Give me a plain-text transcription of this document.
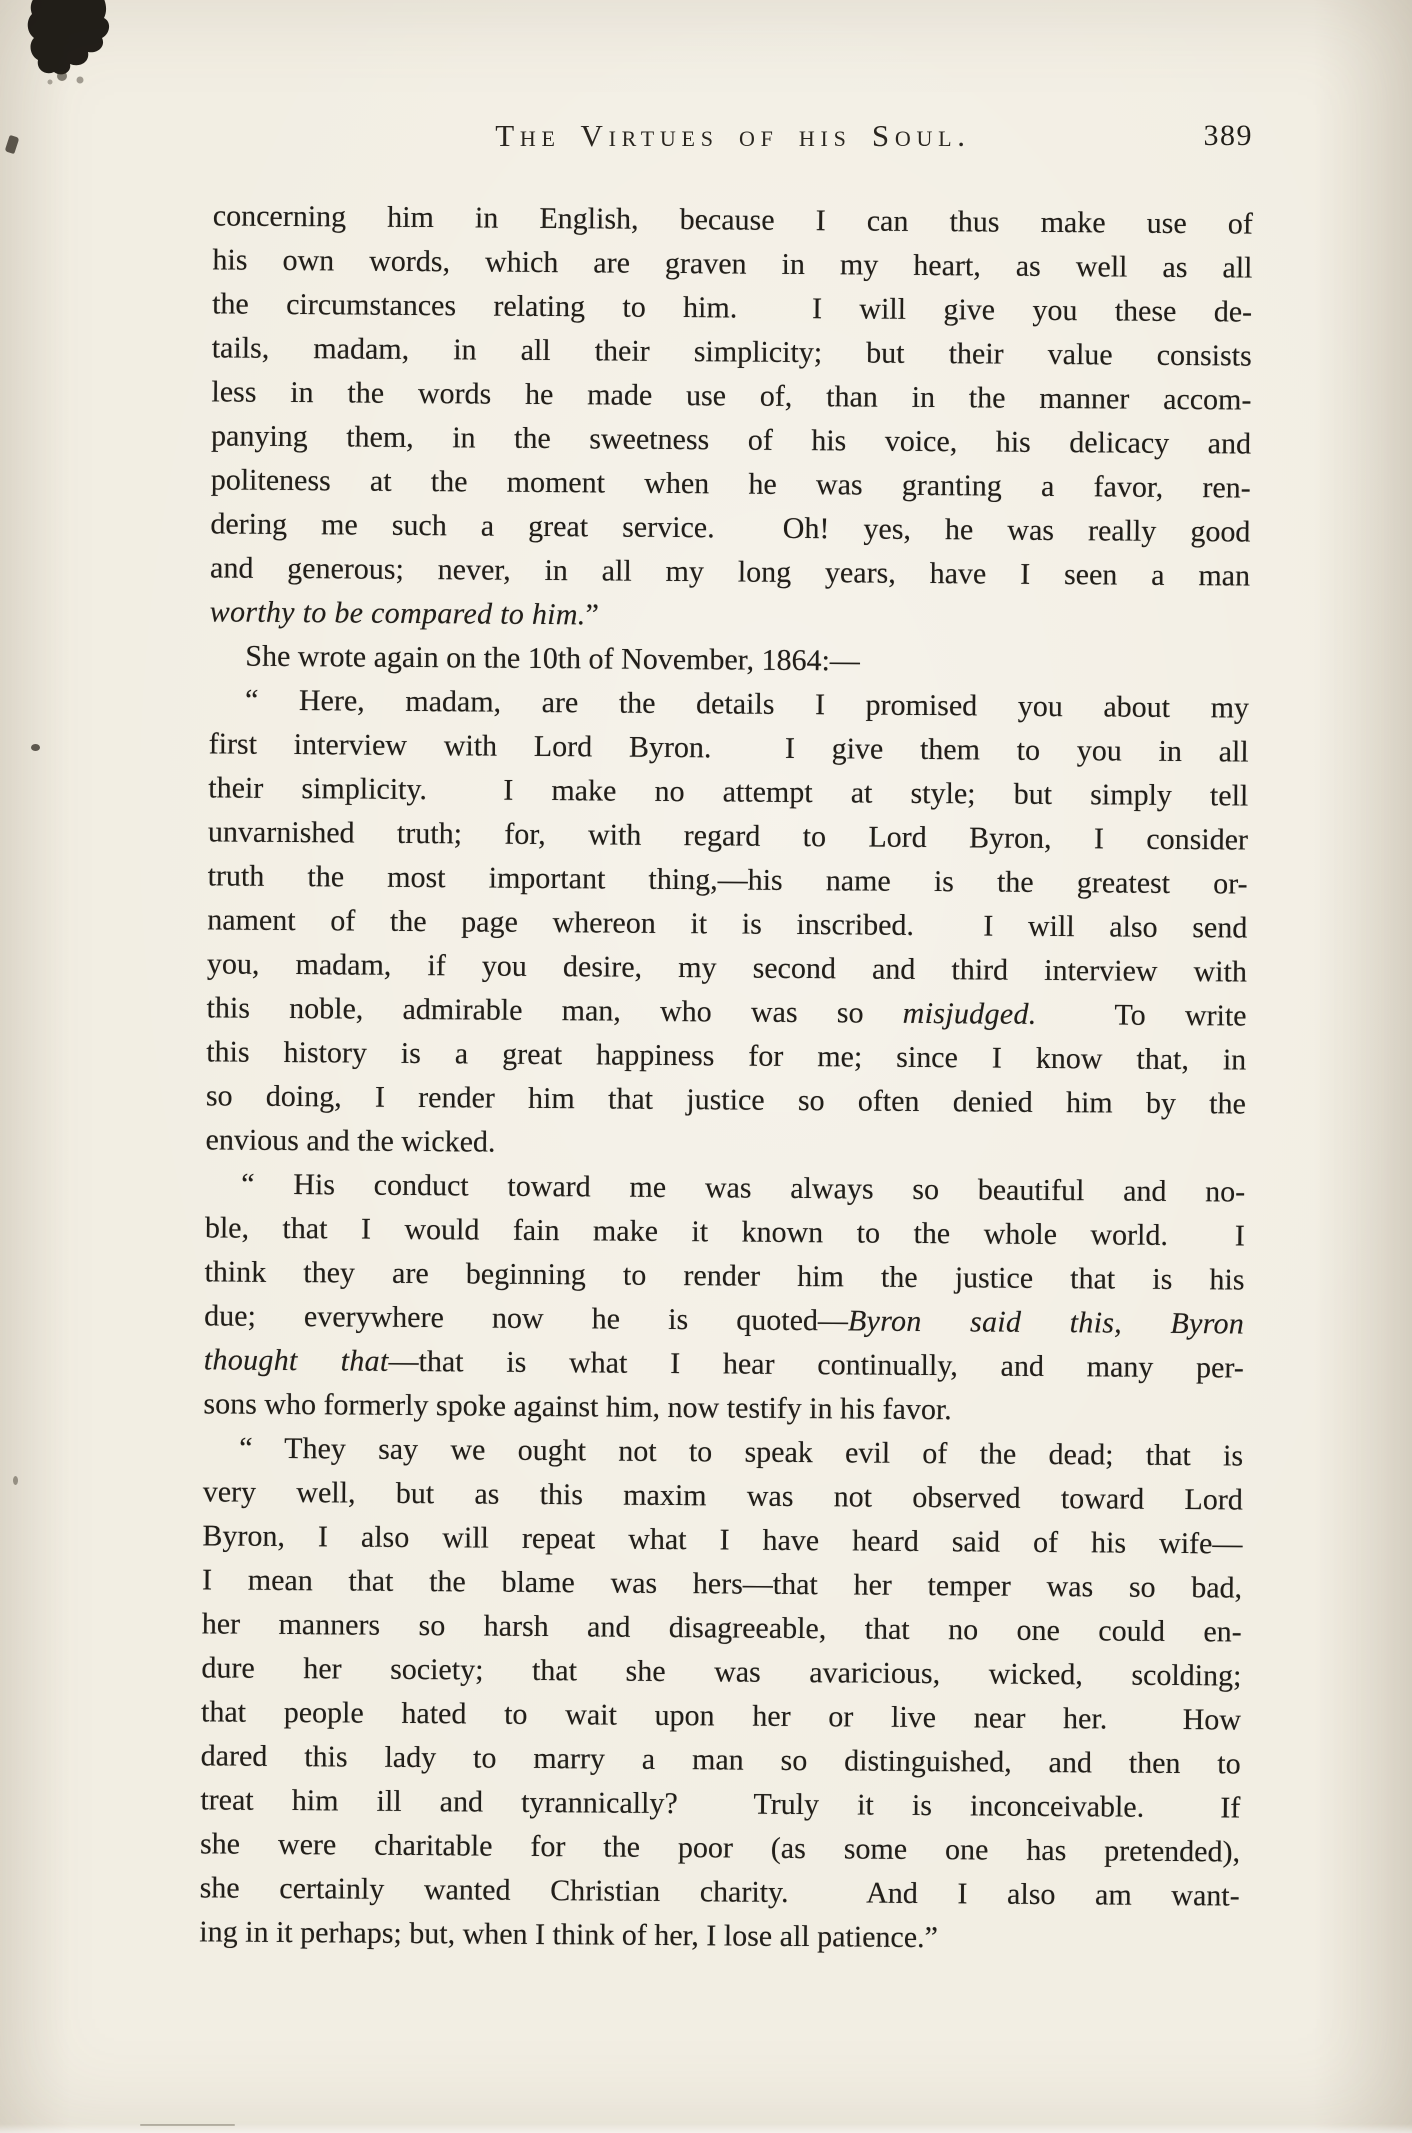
The Virtues of his Soul.	389
concerning him in English, because I can thus make use of
his own words, which are graven in my heart, as well as all
the circumstances relating to him.  I will give you these de-
tails, madam, in all their simplicity; but their value consists
less in the words he made use of, than in the manner accom-
panying them, in the sweetness of his voice, his delicacy and
politeness at the moment when he was granting a favor, ren-
dering me such a great service.  Oh! yes, he was really good
and generous; never, in all my long years, have I seen a man
worthy to be compared to him.”
She wrote again on the 10th of November, 1864:—
“ Here, madam, are the details I promised you about my
first interview with Lord Byron.  I give them to you in all
their simplicity.  I make no attempt at style; but simply tell
unvarnished truth; for, with regard to Lord Byron, I consider
truth the most important thing,—his name is the greatest or-
nament of the page whereon it is inscribed.  I will also send
you, madam, if you desire, my second and third interview with
this noble, admirable man, who was so misjudged.  To write
this history is a great happiness for me; since I know that, in
so doing, I render him that justice so often denied him by the
envious and the wicked.
“ His conduct toward me was always so beautiful and no-
ble, that I would fain make it known to the whole world.  I
think they are beginning to render him the justice that is his
due; everywhere now he is quoted—Byron said this, Byron
thought that—that is what I hear continually, and many per-
sons who formerly spoke against him, now testify in his favor.
“ They say we ought not to speak evil of the dead; that is
very well, but as this maxim was not observed toward Lord
Byron, I also will repeat what I have heard said of his wife—
I mean that the blame was hers—that her temper was so bad,
her manners so harsh and disagreeable, that no one could en-
dure her society; that she was avaricious, wicked, scolding;
that people hated to wait upon her or live near her.  How
dared this lady to marry a man so distinguished, and then to
treat him ill and tyrannically?  Truly it is inconceivable.  If
she were charitable for the poor (as some one has pretended),
she certainly wanted Christian charity.  And I also am want-
ing in it perhaps; but, when I think of her, I lose all patience.”
